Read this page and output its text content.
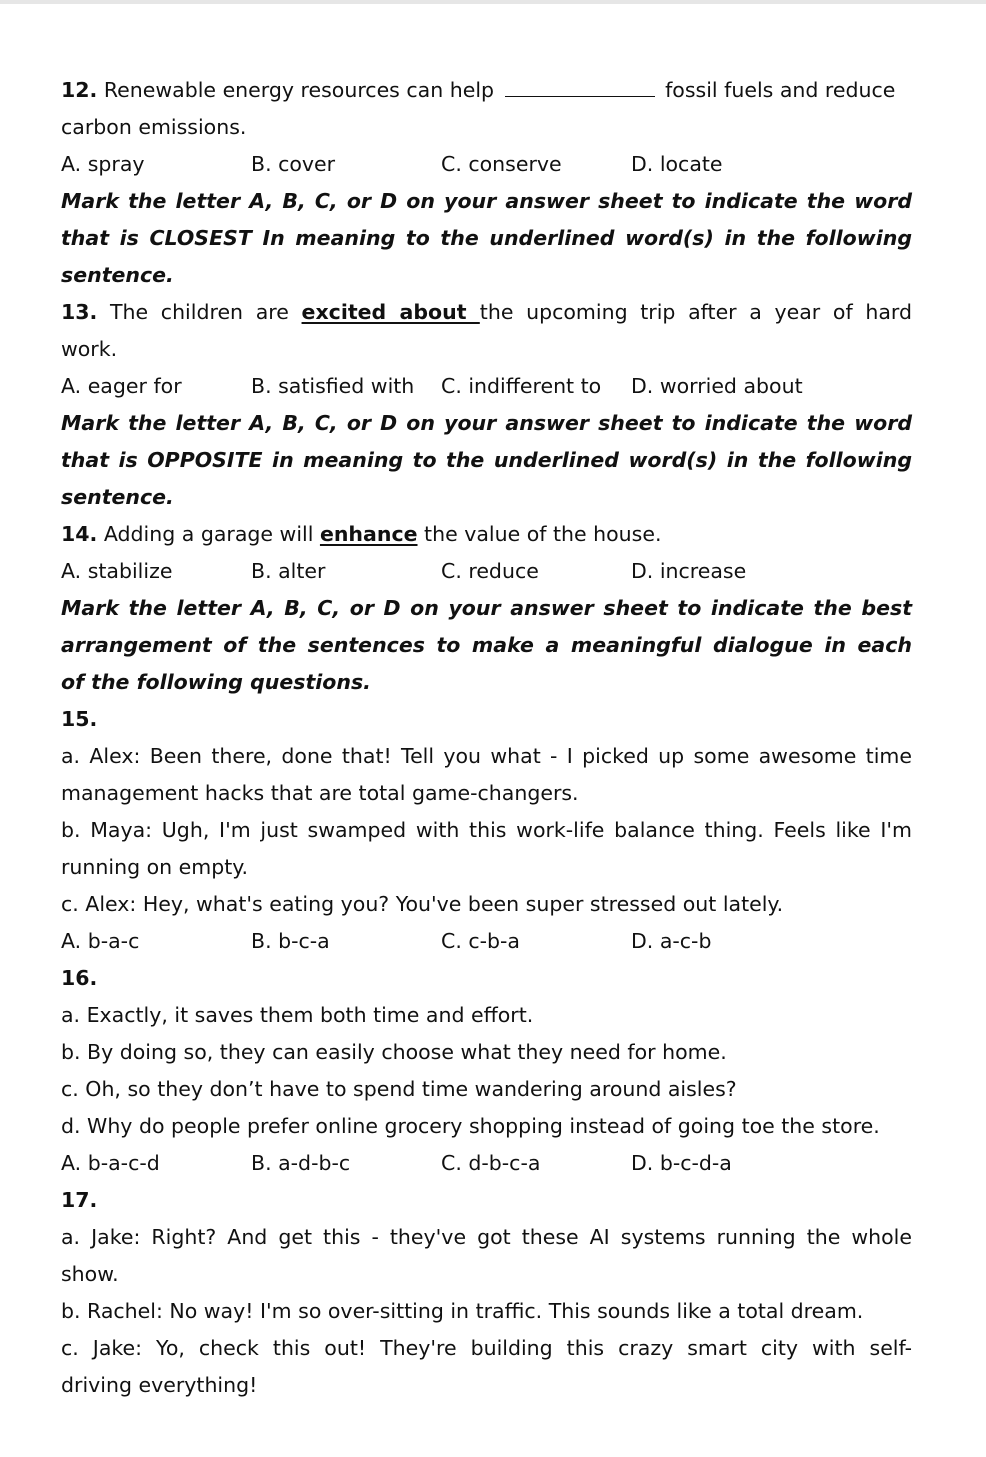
12. Renewable energy resources can help	fossil fuels and reduce
carbon emissions.
A. spray	B. cover	C. conserve	D. locate
Mark the letter A, B, C, or D on your answer sheet to indicate the word
that is CLOSEST In meaning to the underlined word(s) in the following
sentence.
13. The children are excited about the upcoming trip after a year of hard
work.
A. eager for	B. satisfied with	C. indifferent to	D. worried about
Mark the letter A, B, C, or D on your answer sheet to indicate the word
that is OPPOSITE in meaning to the underlined word(s) in the following
sentence.
14. Adding a garage will enhance the value of the house.
A. stabilize	B. alter	C. reduce	D. increase
Mark the letter A, B, C, or D on your answer sheet to indicate the best
arrangement of the sentences to make a meaningful dialogue in each
of the following questions.
15.
a. Alex: Been there, done that! Tell you what - I picked up some awesome time
management hacks that are total game-changers.
b. Maya: Ugh, I'm just swamped with this work-life balance thing. Feels like I'm
running on empty.
c. Alex: Hey, what's eating you? You've been super stressed out lately.
A. b-a-c	B. b-c-a	C. c-b-a	D. a-c-b
16.
a. Exactly, it saves them both time and effort.
b. By doing so, they can easily choose what they need for home.
c. Oh, so they don’t have to spend time wandering around aisles?
d. Why do people prefer online grocery shopping instead of going toe the store.
A. b-a-c-d	B. a-d-b-c	C. d-b-c-a	D. b-c-d-a
17.
a. Jake: Right? And get this - they've got these AI systems running the whole
show.
b. Rachel: No way! I'm so over-sitting in traffic. This sounds like a total dream.
c. Jake: Yo, check this out! They're building this crazy smart city with self-
driving everything!
